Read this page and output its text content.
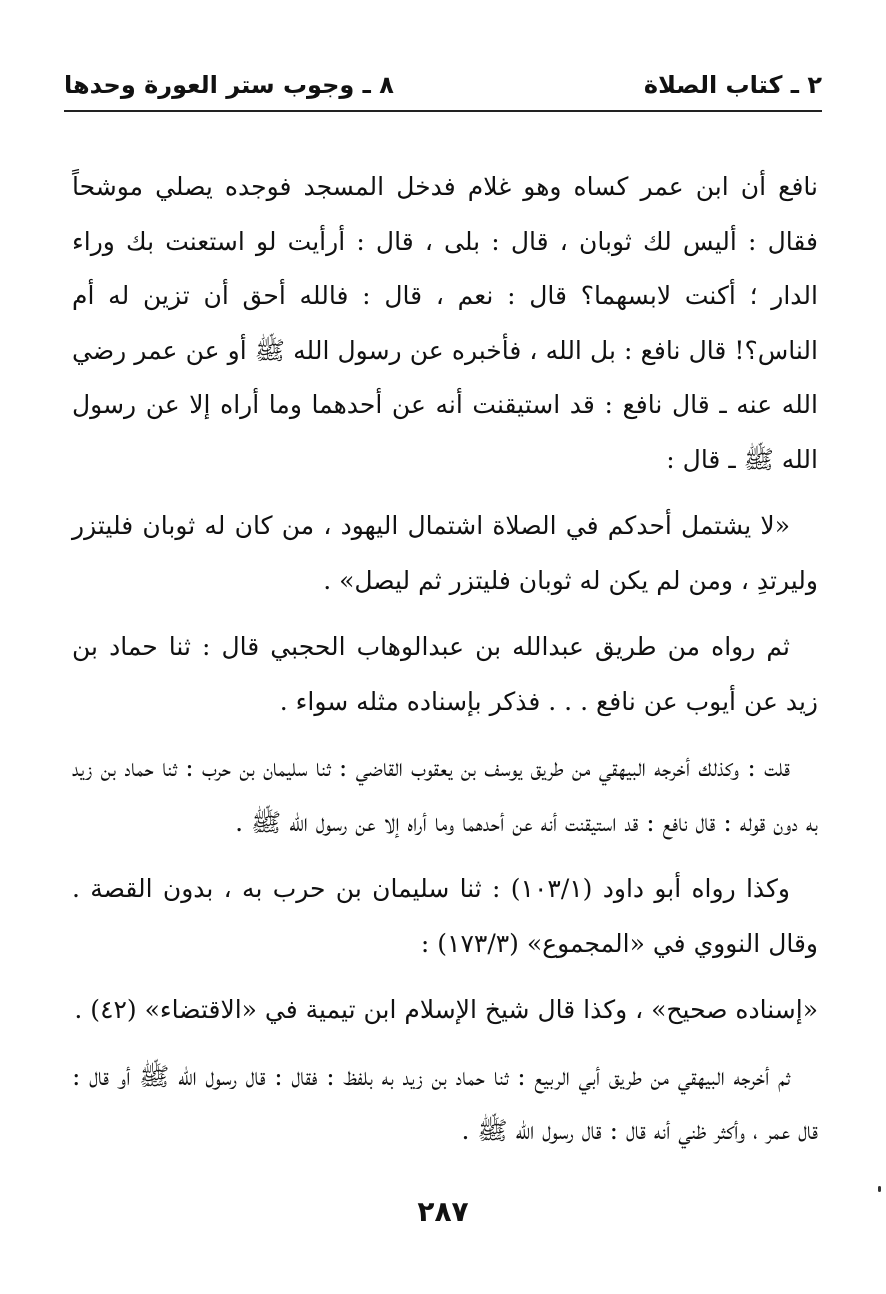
٢ ـ كتاب الصلاة
٨ ـ وجوب ستر العورة وحدها

نافع أن ابن عمر كساه وهو غلام فدخل المسجد فوجده يصلي موشحاً فقال : أليس لك ثوبان ، قال : بلى ، قال : أرأيت لو استعنت بك وراء الدار ؛ أكنت لابسهما؟ قال : نعم ، قال : فالله أحق أن تزين له أم الناس؟! قال نافع : بل الله ، فأخبره عن رسول الله ﷺ أو عن عمر رضي الله عنه ـ قال نافع : قد استيقنت أنه عن أحدهما وما أراه إلا عن رسول الله ﷺ ـ قال :

«لا يشتمل أحدكم في الصلاة اشتمال اليهود ، من كان له ثوبان فليتزر وليرتدِ ، ومن لم يكن له ثوبان فليتزر ثم ليصل» .

ثم رواه من طريق عبدالله بن عبدالوهاب الحجبي قال : ثنا حماد بن زيد عن أيوب عن نافع . . . فذكر بإسناده مثله سواء .

قلت : وكذلك أخرجه البيهقي من طريق يوسف بن يعقوب القاضي : ثنا سليمان بن حرب : ثنا حماد بن زيد به دون قوله : قال نافع : قد استيقنت أنه عن أحدهما وما أراه إلا عن رسول الله ﷺ .

وكذا رواه أبو داود (١٠٣/١) : ثنا سليمان بن حرب به ، بدون القصة . وقال النووي في «المجموع» (١٧٣/٣) :

«إسناده صحيح» ، وكذا قال شيخ الإسلام ابن تيمية في «الاقتضاء» (٤٢) .

ثم أخرجه البيهقي من طريق أبي الربيع : ثنا حماد بن زيد به بلفظ : فقال : قال رسول الله ﷺ أو قال : قال عمر ، وأكثر ظني أنه قال : قال رسول الله ﷺ .

٢٨٧
